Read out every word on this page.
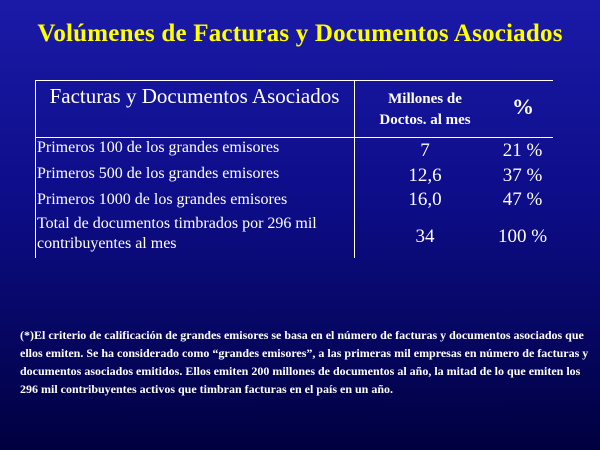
Volúmenes de Facturas y Documentos Asociados
Facturas y Documentos Asociados	Millones de Doctos. al mes
%
Primeros 100 de los grandes emisores
Primeros 500 de los grandes emisores
Primeros 1000 de los grandes emisores
Total de documentos timbrados por 296 mil contribuyentes al mes
7
12,6
16,0
34
21 %
37 %
47 %
100 %
(*)El criterio de calificación de grandes emisores se basa en el número de facturas y documentos asociados que ellos emiten. Se ha considerado como “grandes emisores”, a las primeras mil empresas en número de facturas y documentos asociados emitidos. Ellos emiten 200 millones de documentos al año, la mitad de lo que emiten los 296 mil contribuyentes activos que timbran facturas en el país en un año.
